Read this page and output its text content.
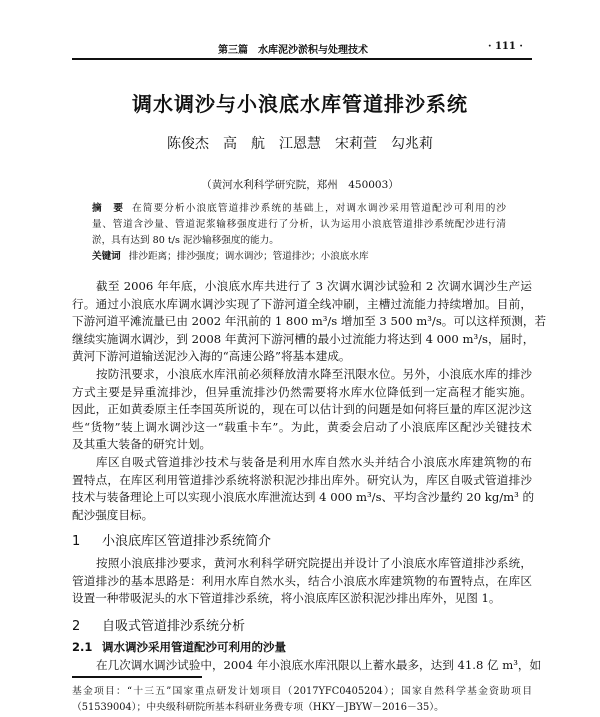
第三篇　水库泥沙淤积与处理技术	· 111 ·
调水调沙与小浪底水库管道排沙系统
陈俊杰　高　航　江恩慧　宋莉萱　勾兆莉
（黄河水利科学研究院，郑州　450003）
摘　要 在简要分析小浪底管道排沙系统的基础上，对调水调沙采用管道配沙可利用的沙
量、管道含沙量、管道泥浆输移强度进行了分析，认为运用小浪底管道排沙系统配沙进行清
淤，具有达到 80 t/s 泥沙输移强度的能力。
关键词 排沙距离；排沙强度；调水调沙；管道排沙；小浪底水库
截至 2006 年年底，小浪底水库共进行了 3 次调水调沙试验和 2 次调水调沙生产运
行。通过小浪底水库调水调沙实现了下游河道全线冲刷，主槽过流能力持续增加。目前，
下游河道平滩流量已由 2002 年汛前的 1 800 m³/s 增加至 3 500 m³/s。可以这样预测，若
继续实施调水调沙，到 2008 年黄河下游河槽的最小过流能力将达到 4 000 m³/s，届时，
黄河下游河道输送泥沙入海的“高速公路”将基本建成。
按防汛要求，小浪底水库汛前必须释放清水降至汛限水位。另外，小浪底水库的排沙
方式主要是异重流排沙，但异重流排沙仍然需要将水库水位降低到一定高程才能实施。
因此，正如黄委原主任李国英所说的，现在可以估计到的问题是如何将巨量的库区泥沙这
些“货物”装上调水调沙这一“载重卡车”。为此，黄委会启动了小浪底库区配沙关键技术
及其重大装备的研究计划。
库区自吸式管道排沙技术与装备是利用水库自然水头并结合小浪底水库建筑物的布
置特点，在库区利用管道排沙系统将淤积泥沙排出库外。研究认为，库区自吸式管道排沙
技术与装备理论上可以实现小浪底水库泄流达到 4 000 m³/s、平均含沙量约 20 kg/m³ 的
配沙强度目标。
1 小浪底库区管道排沙系统简介
按照小浪底排沙要求，黄河水利科学研究院提出并设计了小浪底水库管道排沙系统，
管道排沙的基本思路是：利用水库自然水头，结合小浪底水库建筑物的布置特点，在库区
设置一种带吸泥头的水下管道排沙系统，将小浪底库区淤积泥沙排出库外，见图 1。
2 自吸式管道排沙系统分析
2.1 调水调沙采用管道配沙可利用的沙量
在几次调水调沙试验中，2004 年小浪底水库汛限以上蓄水最多，达到 41.8 亿 m³，如
基金项目：“十三五”国家重点研发计划项目（2017YFC0405204）；国家自然科学基金资助项目
（51539004）；中央级科研院所基本科研业务费专项（HKY－JBYW－2016－35）。
